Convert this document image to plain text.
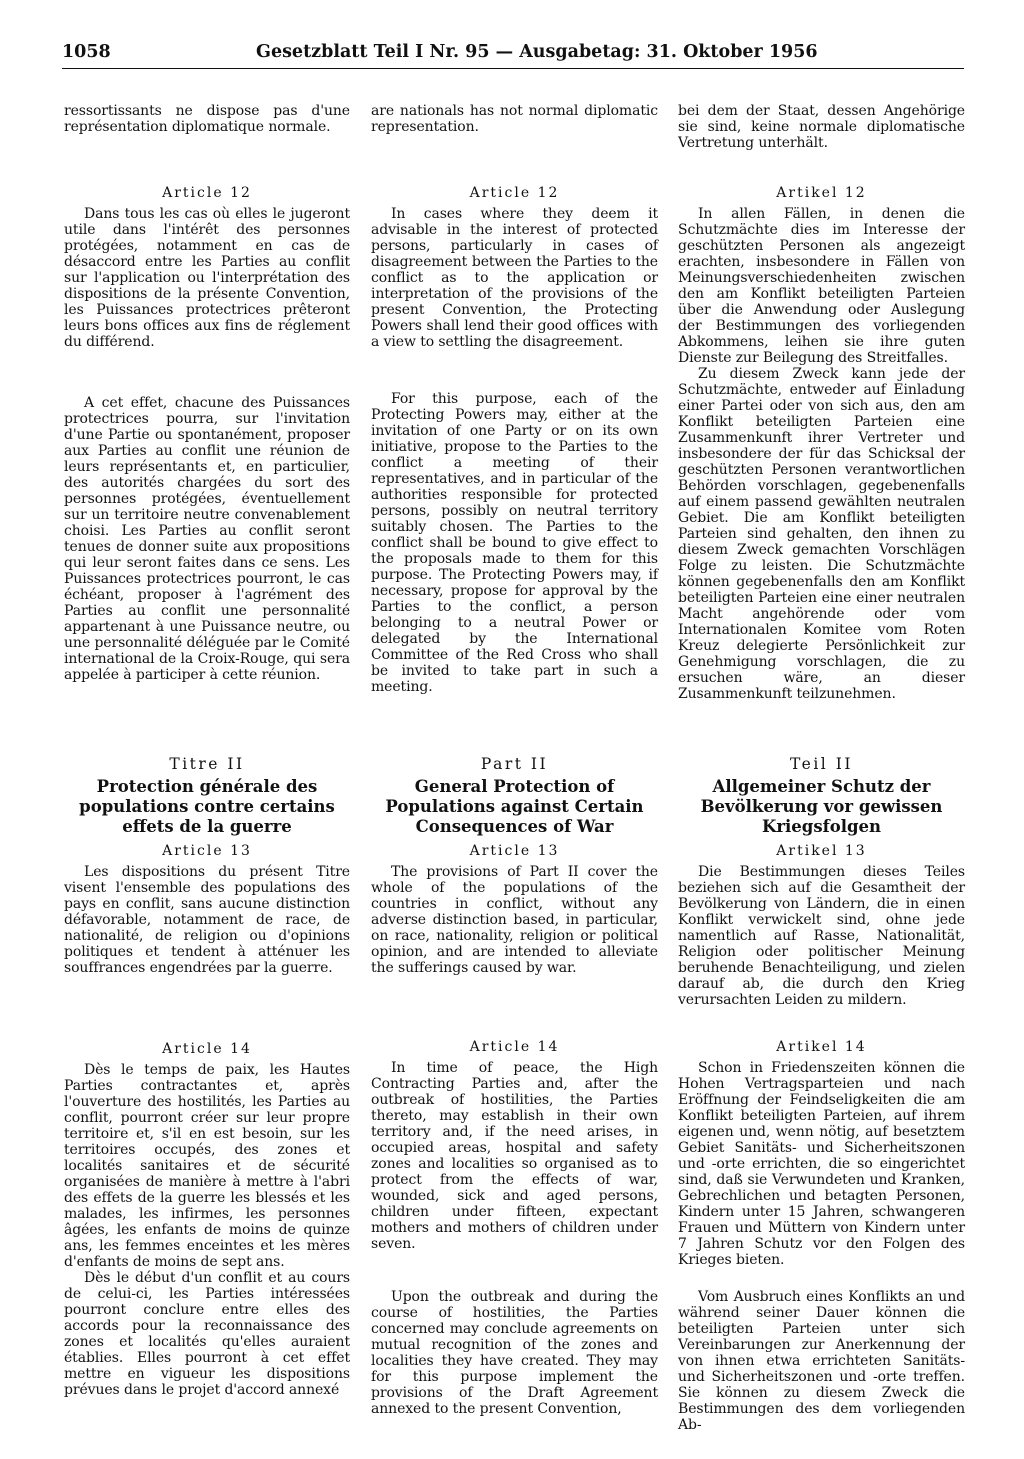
1058	Gesetzblatt Teil I Nr. 95 — Ausgabetag: 31. Oktober 1956

ressortissants ne dispose pas d'une représentation diplomatique normale.

Article 12

Dans tous les cas où elles le jugeront utile dans l'intérêt des personnes protégées, notamment en cas de désaccord entre les Parties au conflit sur l'application ou l'interprétation des dispositions de la présente Convention, les Puissances protectrices prêteront leurs bons offices aux fins de réglement du différend.

A cet effet, chacune des Puissances protectrices pourra, sur l'invitation d'une Partie ou spontanément, proposer aux Parties au conflit une réunion de leurs représentants et, en particulier, des autorités chargées du sort des personnes protégées, éventuellement sur un territoire neutre convenablement choisi. Les Parties au conflit seront tenues de donner suite aux propositions qui leur seront faites dans ce sens. Les Puissances protectrices pourront, le cas échéant, proposer à l'agrément des Parties au conflit une personnalité appartenant à une Puissance neutre, ou une personnalité déléguée par le Comité international de la Croix-Rouge, qui sera appelée à participer à cette réunion.

Titre II
Protection générale des populations contre certains effets de la guerre
Article 13

Les dispositions du présent Titre visent l'ensemble des populations des pays en conflit, sans aucune distinction défavorable, notamment de race, de nationalité, de religion ou d'opinions politiques et tendent à atténuer les souffrances engendrées par la guerre.

Article 14

Dès le temps de paix, les Hautes Parties contractantes et, après l'ouverture des hostilités, les Parties au conflit, pourront créer sur leur propre territoire et, s'il en est besoin, sur les territoires occupés, des zones et localités sanitaires et de sécurité organisées de manière à mettre à l'abri des effets de la guerre les blessés et les malades, les infirmes, les personnes âgées, les enfants de moins de quinze ans, les femmes enceintes et les mères d'enfants de moins de sept ans.

Dès le début d'un conflit et au cours de celui-ci, les Parties intéressées pourront conclure entre elles des accords pour la reconnaissance des zones et localités qu'elles auraient établies. Elles pourront à cet effet mettre en vigueur les dispositions prévues dans le projet d'accord annexé

are nationals has not normal diplomatic representation.

Article 12

In cases where they deem it advisable in the interest of protected persons, particularly in cases of disagreement between the Parties to the conflict as to the application or interpretation of the provisions of the present Convention, the Protecting Powers shall lend their good offices with a view to settling the disagreement.

For this purpose, each of the Protecting Powers may, either at the invitation of one Party or on its own initiative, propose to the Parties to the conflict a meeting of their representatives, and in particular of the authorities responsible for protected persons, possibly on neutral territory suitably chosen. The Parties to the conflict shall be bound to give effect to the proposals made to them for this purpose. The Protecting Powers may, if necessary, propose for approval by the Parties to the conflict, a person belonging to a neutral Power or delegated by the International Committee of the Red Cross who shall be invited to take part in such a meeting.

Part II
General Protection of Populations against Certain Consequences of War
Article 13

The provisions of Part II cover the whole of the populations of the countries in conflict, without any adverse distinction based, in particular, on race, nationality, religion or political opinion, and are intended to alleviate the sufferings caused by war.

Article 14

In time of peace, the High Contracting Parties and, after the outbreak of hostilities, the Parties thereto, may establish in their own territory and, if the need arises, in occupied areas, hospital and safety zones and localities so organised as to protect from the effects of war, wounded, sick and aged persons, children under fifteen, expectant mothers and mothers of children under seven.

Upon the outbreak and during the course of hostilities, the Parties concerned may conclude agreements on mutual recognition of the zones and localities they have created. They may for this purpose implement the provisions of the Draft Agreement annexed to the present Convention,

bei dem der Staat, dessen Angehörige sie sind, keine normale diplomatische Vertretung unterhält.

Artikel 12

In allen Fällen, in denen die Schutzmächte dies im Interesse der geschützten Personen als angezeigt erachten, insbesondere in Fällen von Meinungsverschiedenheiten zwischen den am Konflikt beteiligten Parteien über die Anwendung oder Auslegung der Bestimmungen des vorliegenden Abkommens, leihen sie ihre guten Dienste zur Beilegung des Streitfalles.

Zu diesem Zweck kann jede der Schutzmächte, entweder auf Einladung einer Partei oder von sich aus, den am Konflikt beteiligten Parteien eine Zusammenkunft ihrer Vertreter und insbesondere der für das Schicksal der geschützten Personen verantwortlichen Behörden vorschlagen, gegebenenfalls auf einem passend gewählten neutralen Gebiet. Die am Konflikt beteiligten Parteien sind gehalten, den ihnen zu diesem Zweck gemachten Vorschlägen Folge zu leisten. Die Schutzmächte können gegebenenfalls den am Konflikt beteiligten Parteien eine einer neutralen Macht angehörende oder vom Internationalen Komitee vom Roten Kreuz delegierte Persönlichkeit zur Genehmigung vorschlagen, die zu ersuchen wäre, an dieser Zusammenkunft teilzunehmen.

Teil II
Allgemeiner Schutz der Bevölkerung vor gewissen Kriegsfolgen
Artikel 13

Die Bestimmungen dieses Teiles beziehen sich auf die Gesamtheit der Bevölkerung von Ländern, die in einen Konflikt verwickelt sind, ohne jede namentlich auf Rasse, Nationalität, Religion oder politischer Meinung beruhende Benachteiligung, und zielen darauf ab, die durch den Krieg verursachten Leiden zu mildern.

Artikel 14

Schon in Friedenszeiten können die Hohen Vertragsparteien und nach Eröffnung der Feindseligkeiten die am Konflikt beteiligten Parteien, auf ihrem eigenen und, wenn nötig, auf besetztem Gebiet Sanitäts- und Sicherheitszonen und -orte errichten, die so eingerichtet sind, daß sie Verwundeten und Kranken, Gebrechlichen und betagten Personen, Kindern unter 15 Jahren, schwangeren Frauen und Müttern von Kindern unter 7 Jahren Schutz vor den Folgen des Krieges bieten.

Vom Ausbruch eines Konflikts an und während seiner Dauer können die beteiligten Parteien unter sich Vereinbarungen zur Anerkennung der von ihnen etwa errichteten Sanitäts- und Sicherheitszonen und -orte treffen. Sie können zu diesem Zweck die Bestimmungen des dem vorliegenden Ab-
